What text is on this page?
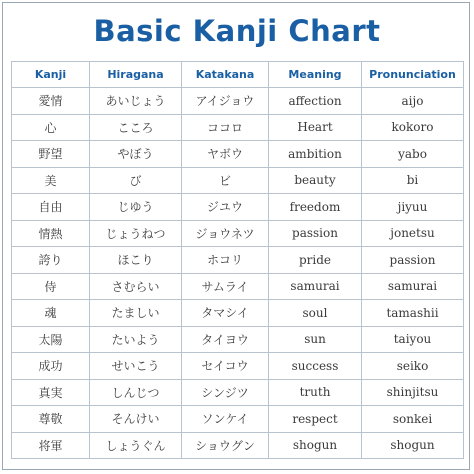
Basic Kanji Chart
Kanji	Hiragana	Katakana	Meaning	Pronunciation
愛情	あいじょう	アイジョウ	affection	aijo
心	こころ	ココロ	Heart	kokoro
野望	やぼう	ヤボウ	ambition	yabo
美	び	ビ	beauty	bi
自由	じゆう	ジユウ	freedom	jiyuu
情熱	じょうねつ	ジョウネツ	passion	jonetsu
誇り	ほこり	ホコリ	pride	passion
侍	さむらい	サムライ	samurai	samurai
魂	たましい	タマシイ	soul	tamashii
太陽	たいよう	タイヨウ	sun	taiyou
成功	せいこう	セイコウ	success	seiko
真実	しんじつ	シンジツ	truth	shinjitsu
尊敬	そんけい	ソンケイ	respect	sonkei
将軍	しょうぐん	ショウグン	shogun	shogun
